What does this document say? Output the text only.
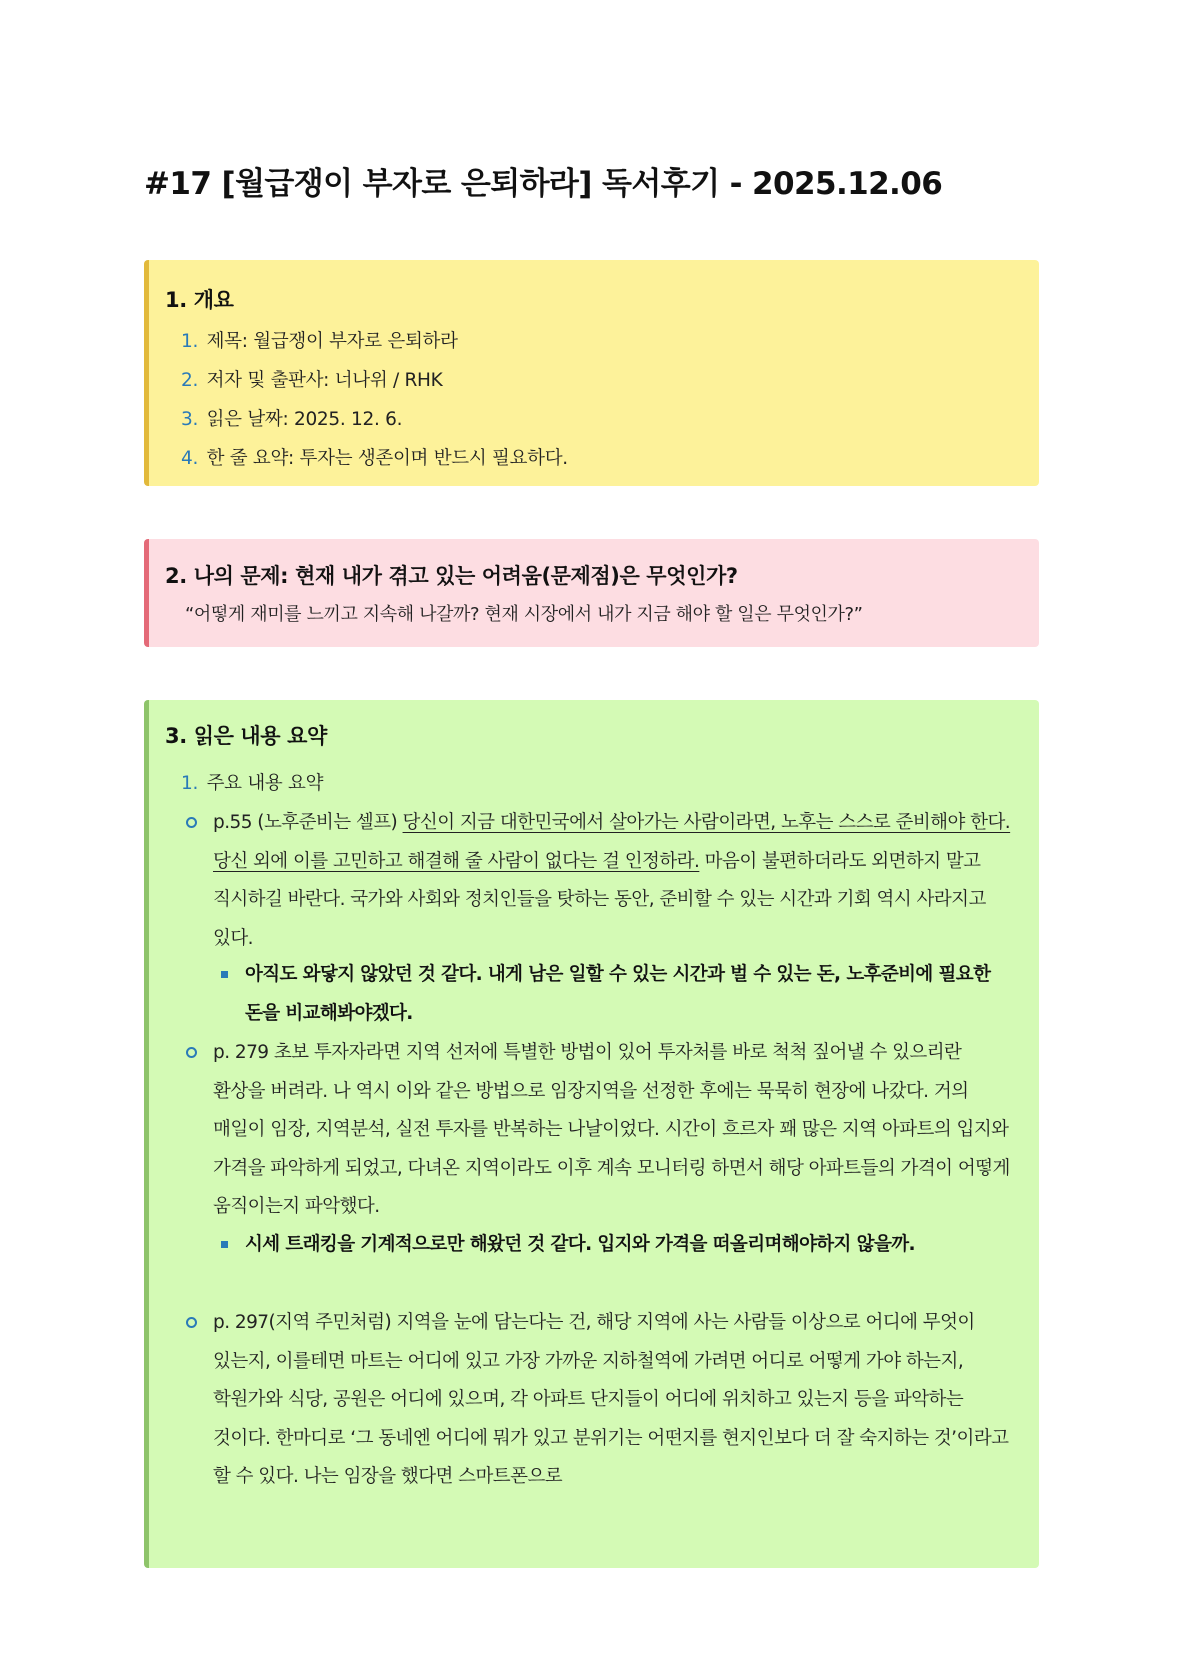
#17 [월급쟁이 부자로 은퇴하라] 독서후기 - 2025.12.06
1. 개요
1. 제목: 월급쟁이 부자로 은퇴하라
2. 저자 및 출판사: 너나위 / RHK
3. 읽은 날짜: 2025. 12. 6.
4. 한 줄 요약: 투자는 생존이며 반드시 필요하다.
2. 나의 문제: 현재 내가 겪고 있는 어려움(문제점)은 무엇인가?

“어떻게 재미를 느끼고 지속해 나갈까? 현재 시장에서 내가 지금 해야 할 일은 무엇인가?”

3. 읽은 내용 요약
1. 주요 내용 요약

p.55 (노후준비는 셀프) 당신이 지금 대한민국에서 살아가는 사람이라면, 노후는 스스로 준비해야 한다. 당신 외에 이를 고민하고 해결해 줄 사람이 없다는 걸 인정하라. 마음이 불편하더라도 외면하지 말고 직시하길 바란다. 국가와 사회와 정치인들을 탓하는 동안, 준비할 수 있는 시간과 기회 역시 사라지고 있다.

아직도 와닿지 않았던 것 같다. 내게 남은 일할 수 있는 시간과 벌 수 있는 돈, 노후준비에 필요한 돈을 비교해봐야겠다.

p. 279 초보 투자자라면 지역 선저에 특별한 방법이 있어 투자처를 바로 척척 짚어낼 수 있으리란 환상을 버려라. 나 역시 이와 같은 방법으로 임장지역을 선정한 후에는 묵묵히 현장에 나갔다. 거의 매일이 임장, 지역분석, 실전 투자를 반복하는 나날이었다. 시간이 흐르자 꽤 많은 지역 아파트의 입지와 가격을 파악하게 되었고, 다녀온 지역이라도 이후 계속 모니터링 하면서 해당 아파트들의 가격이 어떻게 움직이는지 파악했다.

시세 트래킹을 기계적으로만 해왔던 것 같다. 입지와 가격을 떠올리며해야하지 않을까.

p. 297(지역 주민처럼) 지역을 눈에 담는다는 건, 해당 지역에 사는 사람들 이상으로 어디에 무엇이 있는지, 이를테면 마트는 어디에 있고 가장 가까운 지하철역에 가려면 어디로 어떻게 가야 하는지, 학원가와 식당, 공원은 어디에 있으며, 각 아파트 단지들이 어디에 위치하고 있는지 등을 파악하는 것이다. 한마디로 ‘그 동네엔 어디에 뭐가 있고 분위기는 어떤지를 현지인보다 더 잘 숙지하는 것’이라고 할 수 있다. 나는 임장을 했다면 스마트폰으로
